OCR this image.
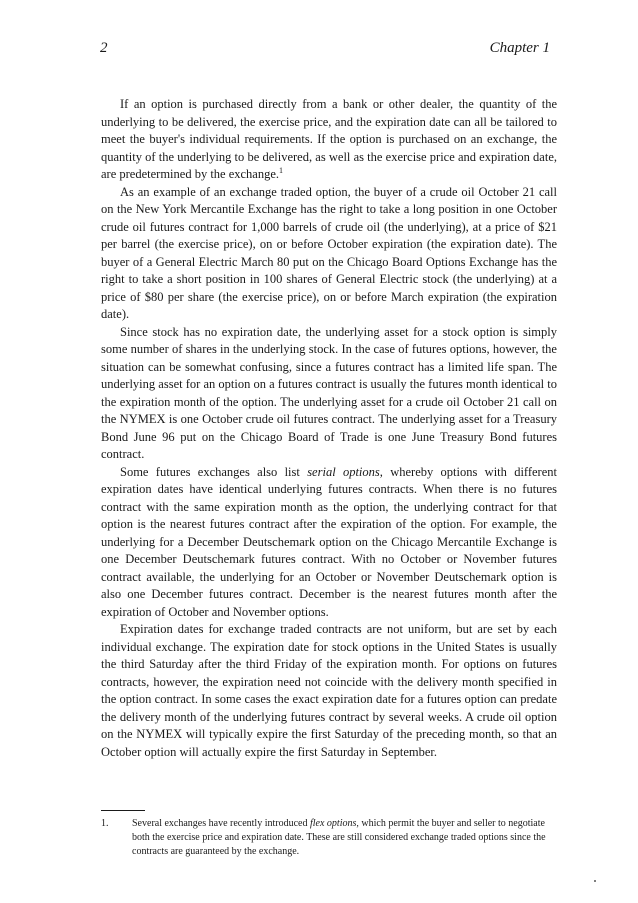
2	Chapter 1

If an option is purchased directly from a bank or other dealer, the quantity of the underlying to be delivered, the exercise price, and the expiration date can all be tailored to meet the buyer's individual requirements. If the option is purchased on an exchange, the quantity of the underlying to be delivered, as well as the exercise price and expiration date, are predetermined by the exchange.$^1$

As an example of an exchange traded option, the buyer of a crude oil October 21 call on the New York Mercantile Exchange has the right to take a long position in one October crude oil futures contract for 1,000 barrels of crude oil (the underlying), at a price of $21 per barrel (the exercise price), on or before October expiration (the expiration date). The buyer of a General Electric March 80 put on the Chicago Board Options Exchange has the right to take a short position in 100 shares of General Electric stock (the underlying) at a price of $80 per share (the exercise price), on or before March expiration (the expiration date).

Since stock has no expiration date, the underlying asset for a stock option is simply some number of shares in the underlying stock. In the case of futures options, however, the situation can be somewhat confusing, since a futures contract has a limited life span. The underlying asset for an option on a futures contract is usually the futures month identical to the expiration month of the option. The underlying asset for a crude oil October 21 call on the NYMEX is one October crude oil futures contract. The underlying asset for a Treasury Bond June 96 put on the Chicago Board of Trade is one June Treasury Bond futures contract.

Some futures exchanges also list serial options, whereby options with different expiration dates have identical underlying futures contracts. When there is no futures contract with the same expiration month as the option, the underlying contract for that option is the nearest futures contract after the expiration of the option. For example, the underlying for a December Deutschemark option on the Chicago Mercantile Exchange is one December Deutschemark futures contract. With no October or November futures contract available, the underlying for an October or November Deutschemark option is also one December futures contract. December is the nearest futures month after the expiration of October and November options.

Expiration dates for exchange traded contracts are not uniform, but are set by each individual exchange. The expiration date for stock options in the United States is usually the third Saturday after the third Friday of the expiration month. For options on futures contracts, however, the expiration need not coincide with the delivery month specified in the option contract. In some cases the exact expiration date for a futures option can predate the delivery month of the underlying futures contract by several weeks. A crude oil option on the NYMEX will typically expire the first Saturday of the preceding month, so that an October option will actually expire the first Saturday in September.

1. Several exchanges have recently introduced flex options, which permit the buyer and seller to negotiate both the exercise price and expiration date. These are still considered exchange traded options since the contracts are guaranteed by the exchange.
